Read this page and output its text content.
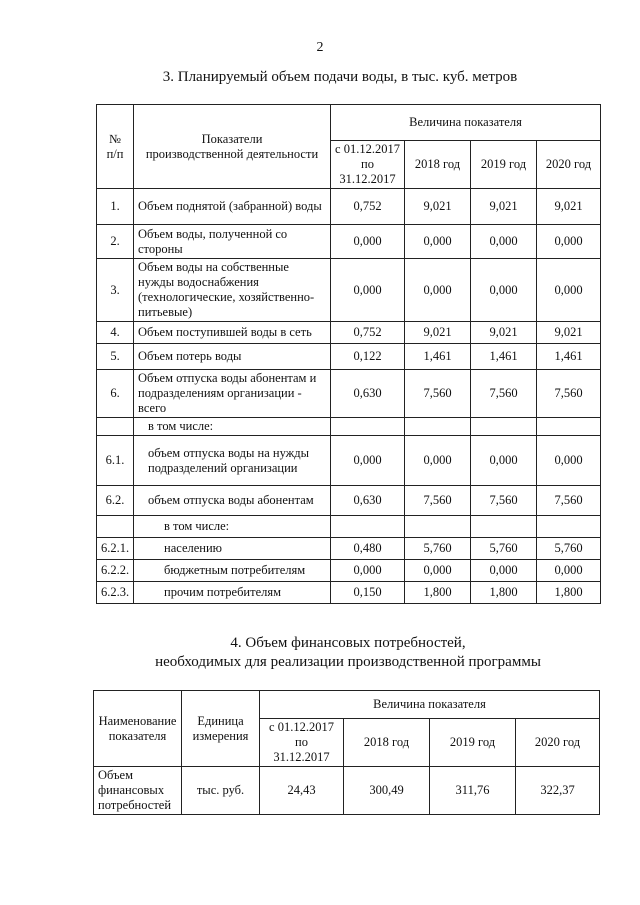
2
3. Планируемый объем подачи воды, в тыс. куб. метров
№
п/п	Показатели
производственной деятельности	Величина показателя			
		с 01.12.2017
по
31.12.2017	2018 год	2019 год	2020 год
1.	Объем поднятой (забранной) воды	0,752	9,021	9,021	9,021
2.	Объем воды, полученной со стороны	0,000	0,000	0,000	0,000
3.	Объем воды на собственные нужды водоснабжения (технологические, хозяйственно-питьевые)	0,000	0,000	0,000	0,000
4.	Объем поступившей воды в сеть	0,752	9,021	9,021	9,021
5.	Объем потерь воды	0,122	1,461	1,461	1,461
6.	Объем отпуска воды абонентам и подразделениям организации - всего	0,630	7,560	7,560	7,560
	в том числе:				
6.1.	объем отпуска воды на нужды подразделений организации	0,000	0,000	0,000	0,000
6.2.	объем отпуска воды абонентам	0,630	7,560	7,560	7,560
	в том числе:				
6.2.1.	населению	0,480	5,760	5,760	5,760
6.2.2.	бюджетным потребителям	0,000	0,000	0,000	0,000
6.2.3.	прочим потребителям	0,150	1,800	1,800	1,800
4. Объем финансовых потребностей,
необходимых для реализации производственной программы
Наименование
показателя	Единица
измерения	Величина показателя			
		с 01.12.2017
по
31.12.2017	2018 год	2019 год	2020 год
Объем
финансовых
потребностей	тыс. руб.	24,43	300,49	311,76	322,37
